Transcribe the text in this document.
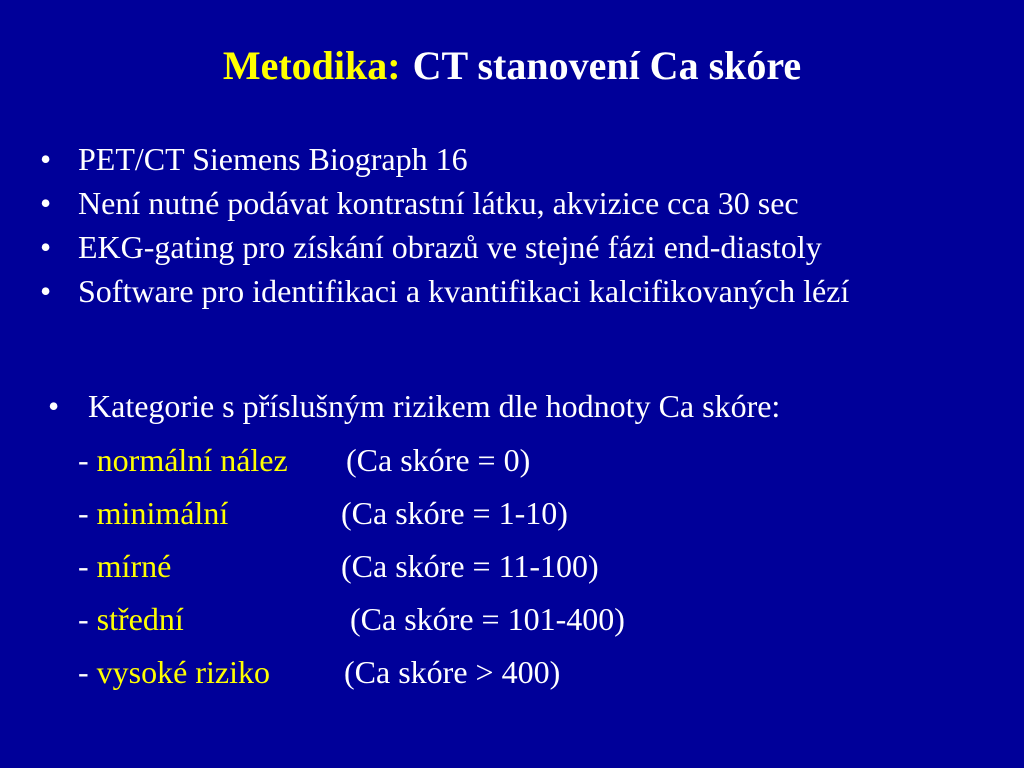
Metodika: CT stanovení Ca skóre
• PET/CT Siemens Biograph 16
• Není nutné podávat kontrastní látku, akvizice cca 30 sec
• EKG-gating pro získání obrazů ve stejné fázi end-diastoly
• Software pro identifikaci a kvantifikaci kalcifikovaných lézí
• Kategorie s příslušným rizikem dle hodnoty Ca skóre:
- normální nález (Ca skóre = 0)
- minimální	(Ca skóre = 1-10)
- mírné	(Ca skóre = 11-100)
- střední	(Ca skóre = 101-400)
- vysoké riziko (Ca skóre > 400)
